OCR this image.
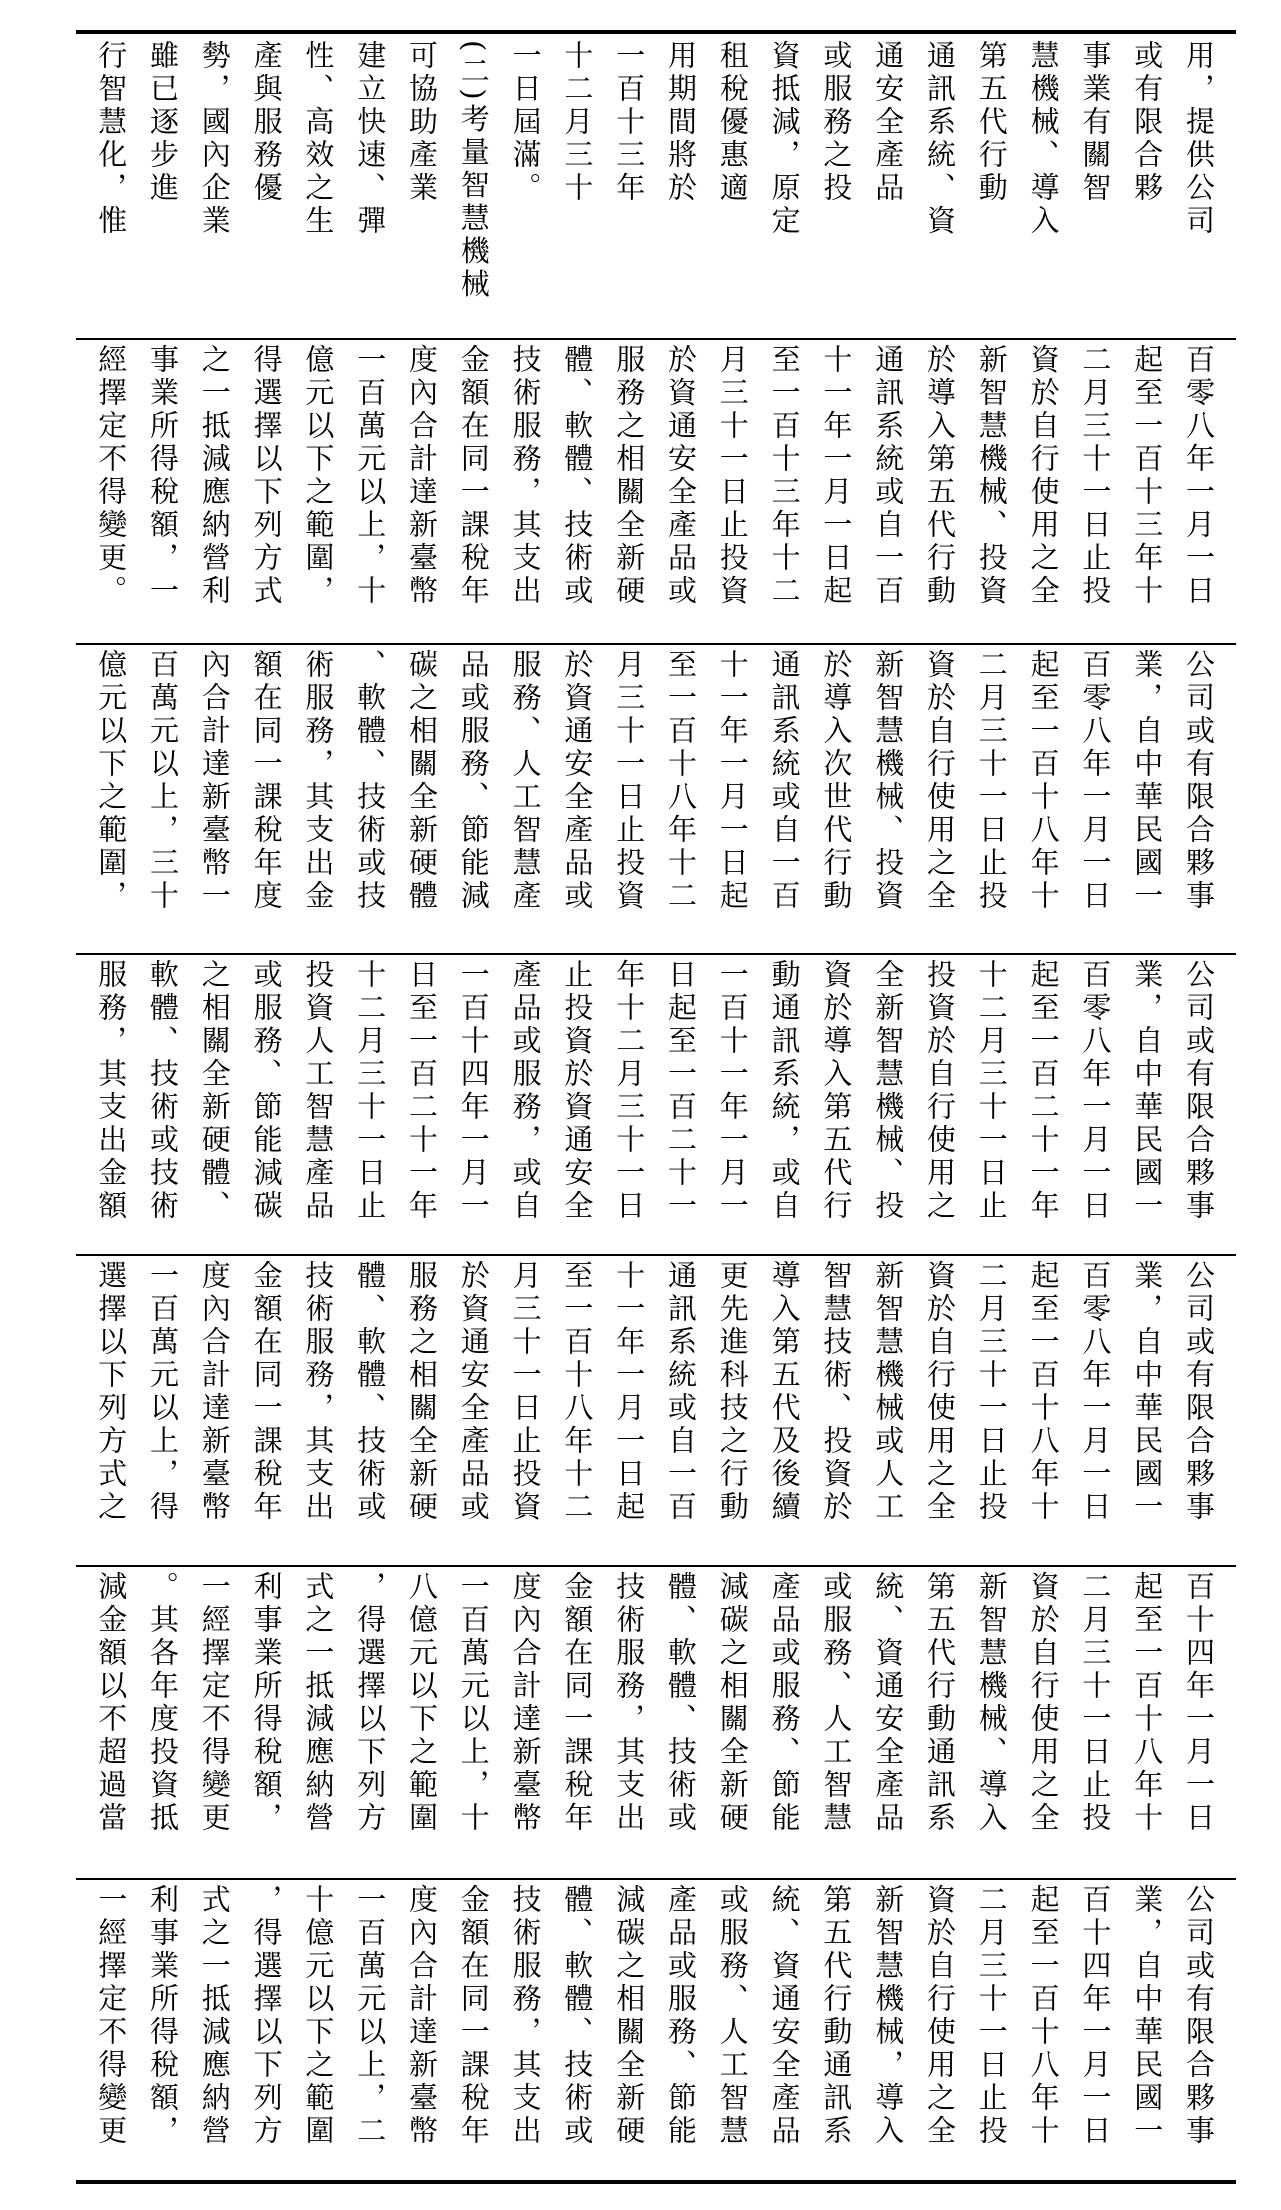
用，提供公司
或有限合夥
事業有關智
慧機械、導入
第五代行動
通訊系統、資
通安全產品
或服務之投
資抵減，原定
租稅優惠適
用期間將於
一百十三年
十二月三十
一日屆滿。
(二)考量智慧機械
可協助產業
建立快速、彈
性、高效之生
產與服務優
勢，國內企業
雖已逐步進
行智慧化，惟
百零八年一月一日
起至一百十三年十
二月三十一日止投
資於自行使用之全
新智慧機械、投資
於導入第五代行動
通訊系統或自一百
十一年一月一日起
至一百十三年十二
月三十一日止投資
於資通安全產品或
服務之相關全新硬
體、軟體、技術或
技術服務，其支出
金額在同一課稅年
度內合計達新臺幣
一百萬元以上，十
億元以下之範圍，
得選擇以下列方式
之一抵減應納營利
事業所得稅額，一
經擇定不得變更。
公司或有限合夥事
業，自中華民國一
百零八年一月一日
起至一百十八年十
二月三十一日止投
資於自行使用之全
新智慧機械、投資
於導入次世代行動
通訊系統或自一百
十一年一月一日起
至一百十八年十二
月三十一日止投資
於資通安全產品或
服務、人工智慧產
品或服務、節能減
碳之相關全新硬體
、軟體、技術或技
術服務，其支出金
額在同一課稅年度
內合計達新臺幣一
百萬元以上，三十
億元以下之範圍，
公司或有限合夥事
業，自中華民國一
百零八年一月一日
起至一百二十一年
十二月三十一日止
投資於自行使用之
全新智慧機械、投
資於導入第五代行
動通訊系統，或自
一百十一年一月一
日起至一百二十一
年十二月三十一日
止投資於資通安全
產品或服務，或自
一百十四年一月一
日至一百二十一年
十二月三十一日止
投資人工智慧產品
或服務、節能減碳
之相關全新硬體、
軟體、技術或技術
服務，其支出金額
公司或有限合夥事
業，自中華民國一
百零八年一月一日
起至一百十八年十
二月三十一日止投
資於自行使用之全
新智慧機械或人工
智慧技術、投資於
導入第五代及後續
更先進科技之行動
通訊系統或自一百
十一年一月一日起
至一百十八年十二
月三十一日止投資
於資通安全產品或
服務之相關全新硬
體、軟體、技術或
技術服務，其支出
金額在同一課稅年
度內合計達新臺幣
一百萬元以上，得
選擇以下列方式之
百十四年一月一日
起至一百十八年十
二月三十一日止投
資於自行使用之全
新智慧機械、導入
第五代行動通訊系
統、資通安全產品
或服務、人工智慧
產品或服務、節能
減碳之相關全新硬
體、軟體、技術或
技術服務，其支出
金額在同一課稅年
度內合計達新臺幣
一百萬元以上，十
八億元以下之範圍
，得選擇以下列方
式之一抵減應納營
利事業所得稅額，
一經擇定不得變更
。其各年度投資抵
減金額以不超過當
公司或有限合夥事
業，自中華民國一
百十四年一月一日
起至一百十八年十
二月三十一日止投
資於自行使用之全
新智慧機械，導入
第五代行動通訊系
統、資通安全產品
或服務、人工智慧
產品或服務、節能
減碳之相關全新硬
體、軟體、技術或
技術服務，其支出
金額在同一課稅年
度內合計達新臺幣
一百萬元以上，二
十億元以下之範圍
，得選擇以下列方
式之一抵減應納營
利事業所得稅額，
一經擇定不得變更
